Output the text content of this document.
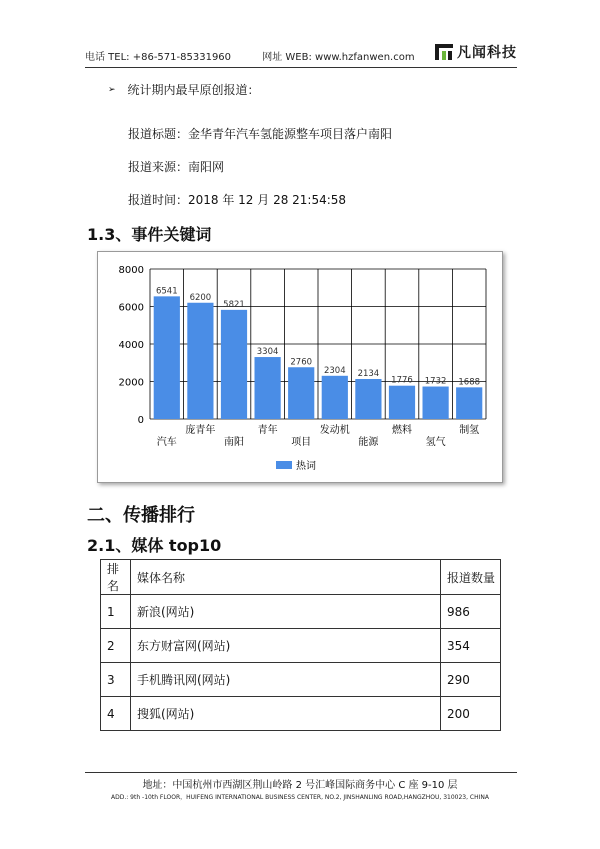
电话 TEL: +86-571-85331960	网址 WEB: www.hzfanwen.com	凡闻科技
➢ 统计期内最早原创报道：
报道标题：金华青年汽车氢能源整车项目落户南阳
报道来源：南阳网
报道时间：2018 年 12 月 28 21:54:58
1.3、事件关键词
0
2000
4000
6000
8000
6541
汽车
6200
庞青年
5821
南阳
3304
青年
2760
项目
2304
发动机
2134
能源
1776
燃料
1732
氢气
1688
制氢
热词
二、传播排行
2.1、媒体 top10
排名	媒体名称	报道数量
1	新浪(网站)	986
2	东方财富网(网站)	354
3	手机腾讯网(网站)	290
4	搜狐(网站)	200
地址：中国杭州市西湖区荆山岭路 2 号汇峰国际商务中心 C 座 9-10 层
ADD.: 9th -10th FLOOR，HUIFENG INTERNATIONAL BUSINESS CENTER, NO.2, JINSHANLING ROAD,HANGZHOU, 310023, CHINA
